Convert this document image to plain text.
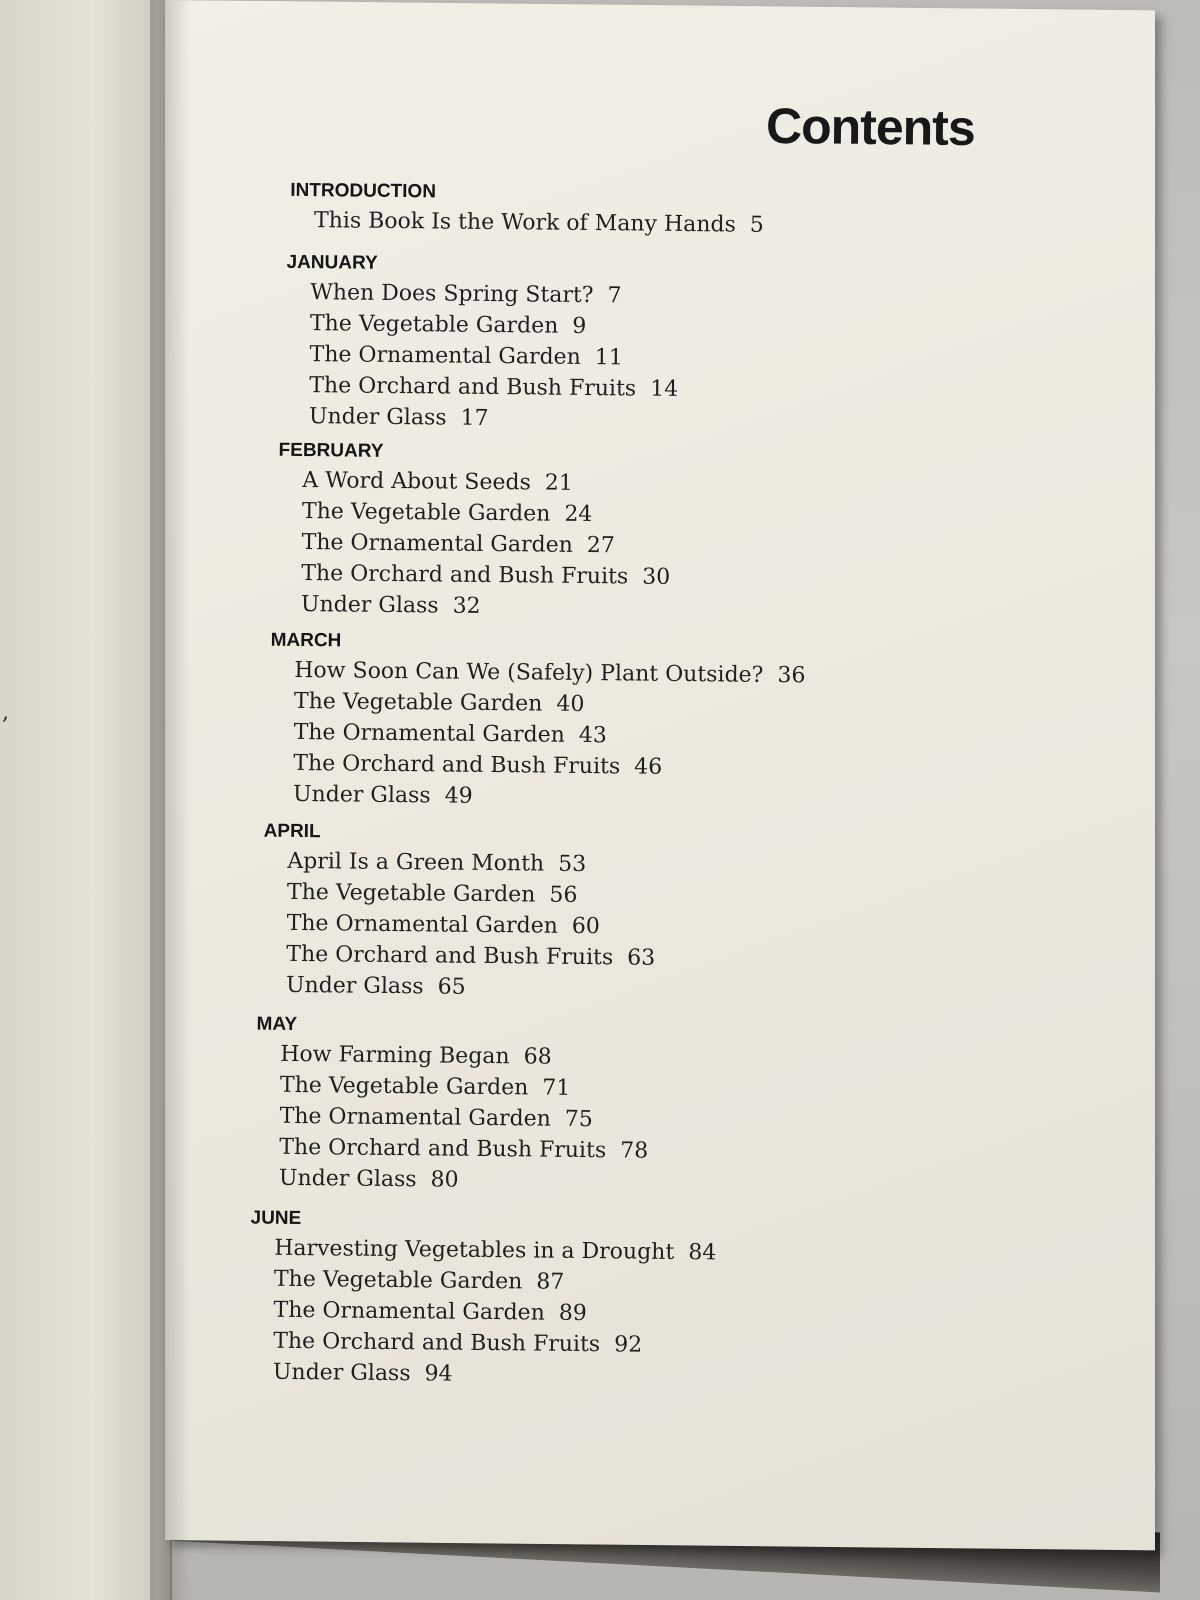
,
Contents
INTRODUCTION
This Book Is the Work of Many Hands 5
JANUARY
When Does Spring Start? 7
The Vegetable Garden 9
The Ornamental Garden 11
The Orchard and Bush Fruits 14
Under Glass 17
FEBRUARY
A Word About Seeds 21
The Vegetable Garden 24
The Ornamental Garden 27
The Orchard and Bush Fruits 30
Under Glass 32
MARCH
How Soon Can We (Safely) Plant Outside? 36
The Vegetable Garden 40
The Ornamental Garden 43
The Orchard and Bush Fruits 46
Under Glass 49
APRIL
April Is a Green Month 53
The Vegetable Garden 56
The Ornamental Garden 60
The Orchard and Bush Fruits 63
Under Glass 65
MAY
How Farming Began 68
The Vegetable Garden 71
The Ornamental Garden 75
The Orchard and Bush Fruits 78
Under Glass 80
JUNE
Harvesting Vegetables in a Drought 84
The Vegetable Garden 87
The Ornamental Garden 89
The Orchard and Bush Fruits 92
Under Glass 94
